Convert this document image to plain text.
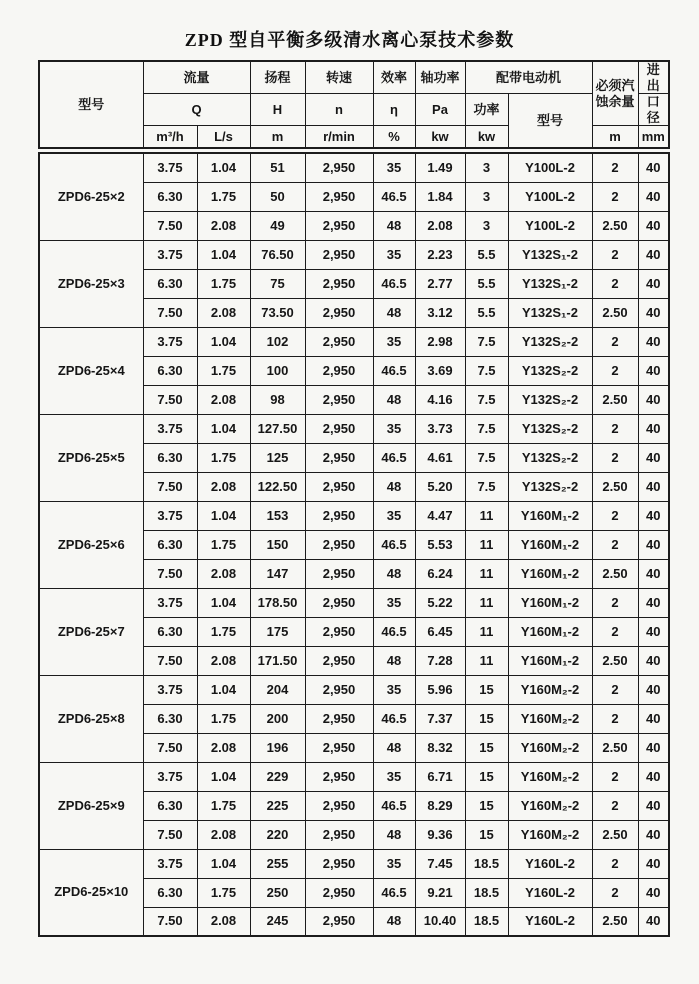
ZPD 型自平衡多级清水离心泵技术参数
型号	流量		扬程	转速	效率	轴功率	配带电动机		必须汽蚀余量	进出
	Q		H	n	η	Pa	功率	型号		口径
	m³/h	L/s	m	r/min	%	kw	kw		m	mm
ZPD6-25×2	3.75	1.04	51	2,950	35	1.49	3	Y100L-2	2	40
	6.30	1.75	50	2,950	46.5	1.84	3	Y100L-2	2	40
	7.50	2.08	49	2,950	48	2.08	3	Y100L-2	2.50	40
ZPD6-25×3	3.75	1.04	76.50	2,950	35	2.23	5.5	Y132S₁-2	2	40
	6.30	1.75	75	2,950	46.5	2.77	5.5	Y132S₁-2	2	40
	7.50	2.08	73.50	2,950	48	3.12	5.5	Y132S₁-2	2.50	40
ZPD6-25×4	3.75	1.04	102	2,950	35	2.98	7.5	Y132S₂-2	2	40
	6.30	1.75	100	2,950	46.5	3.69	7.5	Y132S₂-2	2	40
	7.50	2.08	98	2,950	48	4.16	7.5	Y132S₂-2	2.50	40
ZPD6-25×5	3.75	1.04	127.50	2,950	35	3.73	7.5	Y132S₂-2	2	40
	6.30	1.75	125	2,950	46.5	4.61	7.5	Y132S₂-2	2	40
	7.50	2.08	122.50	2,950	48	5.20	7.5	Y132S₂-2	2.50	40
ZPD6-25×6	3.75	1.04	153	2,950	35	4.47	11	Y160M₁-2	2	40
	6.30	1.75	150	2,950	46.5	5.53	11	Y160M₁-2	2	40
	7.50	2.08	147	2,950	48	6.24	11	Y160M₁-2	2.50	40
ZPD6-25×7	3.75	1.04	178.50	2,950	35	5.22	11	Y160M₁-2	2	40
	6.30	1.75	175	2,950	46.5	6.45	11	Y160M₁-2	2	40
	7.50	2.08	171.50	2,950	48	7.28	11	Y160M₁-2	2.50	40
ZPD6-25×8	3.75	1.04	204	2,950	35	5.96	15	Y160M₂-2	2	40
	6.30	1.75	200	2,950	46.5	7.37	15	Y160M₂-2	2	40
	7.50	2.08	196	2,950	48	8.32	15	Y160M₂-2	2.50	40
ZPD6-25×9	3.75	1.04	229	2,950	35	6.71	15	Y160M₂-2	2	40
	6.30	1.75	225	2,950	46.5	8.29	15	Y160M₂-2	2	40
	7.50	2.08	220	2,950	48	9.36	15	Y160M₂-2	2.50	40
ZPD6-25×10	3.75	1.04	255	2,950	35	7.45	18.5	Y160L-2	2	40
	6.30	1.75	250	2,950	46.5	9.21	18.5	Y160L-2	2	40
	7.50	2.08	245	2,950	48	10.40	18.5	Y160L-2	2.50	40
